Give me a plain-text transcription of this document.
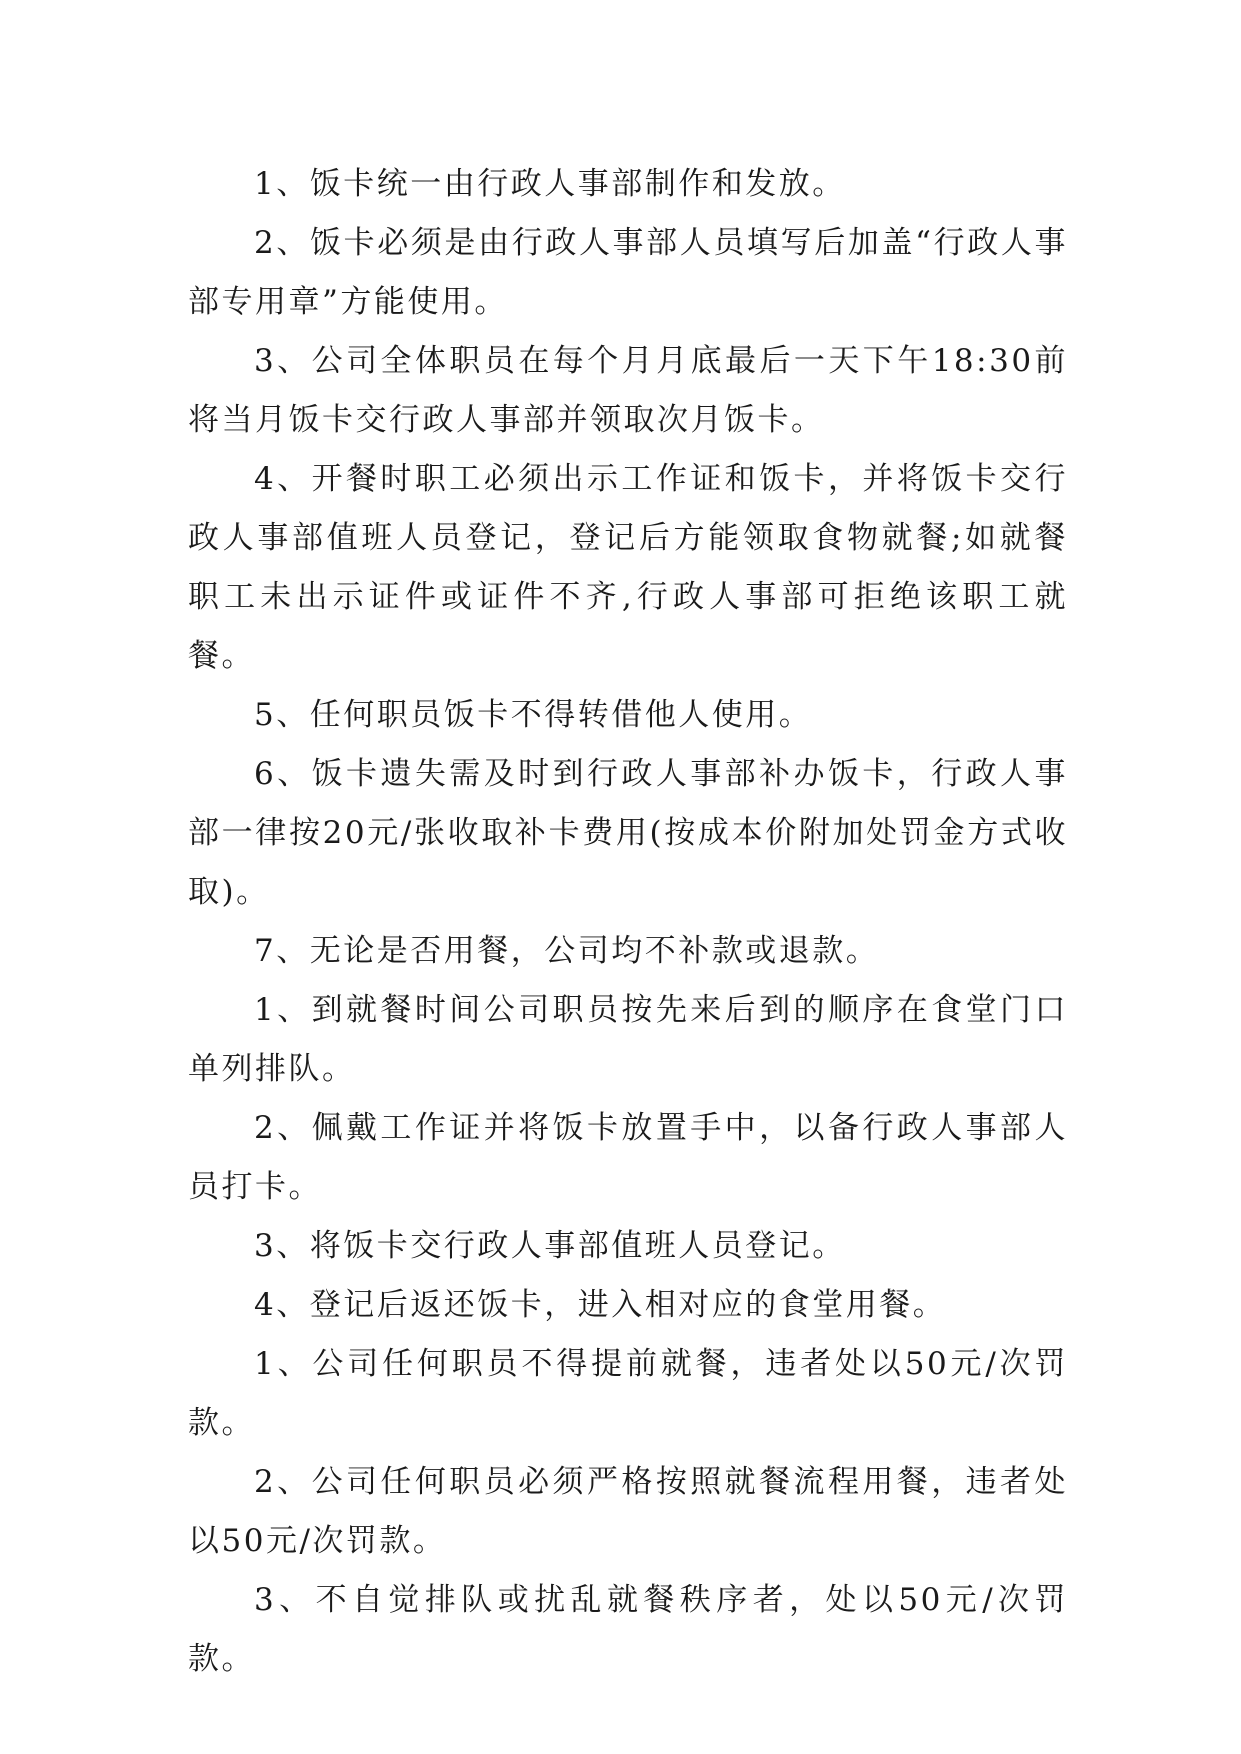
1、饭卡统一由行政人事部制作和发放。

2、饭卡必须是由行政人事部人员填写后加盖“行政人事部专用章”方能使用。

3、公司全体职员在每个月月底最后一天下午18:30前将当月饭卡交行政人事部并领取次月饭卡。

4、开餐时职工必须出示工作证和饭卡，并将饭卡交行政人事部值班人员登记，登记后方能领取食物就餐;如就餐职工未出示证件或证件不齐,行政人事部可拒绝该职工就餐。

5、任何职员饭卡不得转借他人使用。

6、饭卡遗失需及时到行政人事部补办饭卡，行政人事部一律按20元/张收取补卡费用(按成本价附加处罚金方式收取)。

7、无论是否用餐，公司均不补款或退款。

1、到就餐时间公司职员按先来后到的顺序在食堂门口单列排队。

2、佩戴工作证并将饭卡放置手中，以备行政人事部人员打卡。

3、将饭卡交行政人事部值班人员登记。

4、登记后返还饭卡，进入相对应的食堂用餐。

1、公司任何职员不得提前就餐，违者处以50元/次罚款。

2、公司任何职员必须严格按照就餐流程用餐，违者处以50元/次罚款。

3、不自觉排队或扰乱就餐秩序者，处以50元/次罚款。
